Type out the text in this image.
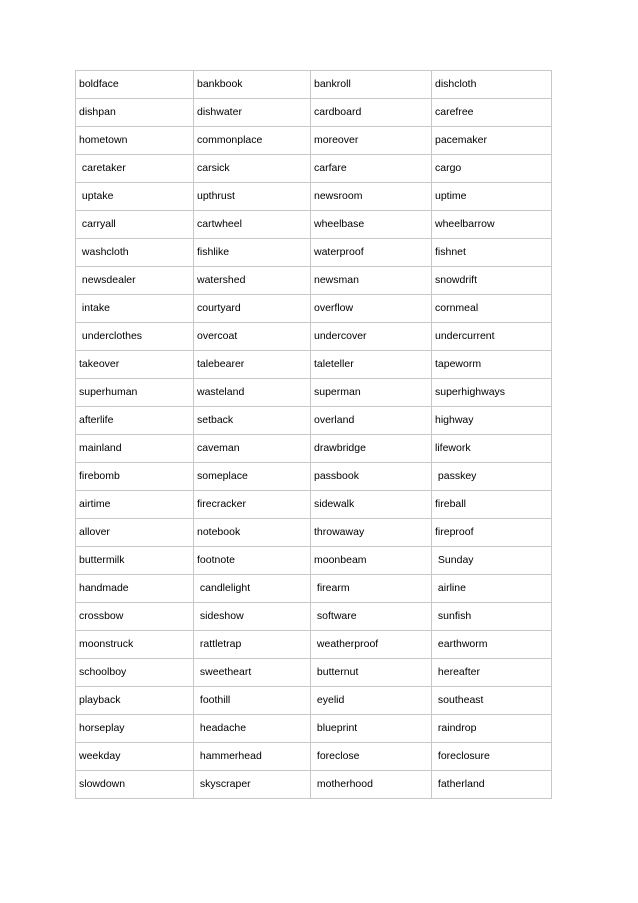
boldface	bankbook	bankroll	dishcloth
dishpan	dishwater	cardboard	carefree
hometown	commonplace	moreover	pacemaker
caretaker	carsick	carfare	cargo
uptake	upthrust	newsroom	uptime
carryall	cartwheel	wheelbase	wheelbarrow
washcloth	fishlike	waterproof	fishnet
newsdealer	watershed	newsman	snowdrift
intake	courtyard	overflow	cornmeal
underclothes	overcoat	undercover	undercurrent
takeover	talebearer	taleteller	tapeworm
superhuman	wasteland	superman	superhighways
afterlife	setback	overland	highway
mainland	caveman	drawbridge	lifework
firebomb	someplace	passbook	passkey
airtime	firecracker	sidewalk	fireball
allover	notebook	throwaway	fireproof
buttermilk	footnote	moonbeam	Sunday
handmade	candlelight	firearm	airline
crossbow	sideshow	software	sunfish
moonstruck	rattletrap	weatherproof	earthworm
schoolboy	sweetheart	butternut	hereafter
playback	foothill	eyelid	southeast
horseplay	headache	blueprint	raindrop
weekday	hammerhead	foreclose	foreclosure
slowdown	skyscraper	motherhood	fatherland
